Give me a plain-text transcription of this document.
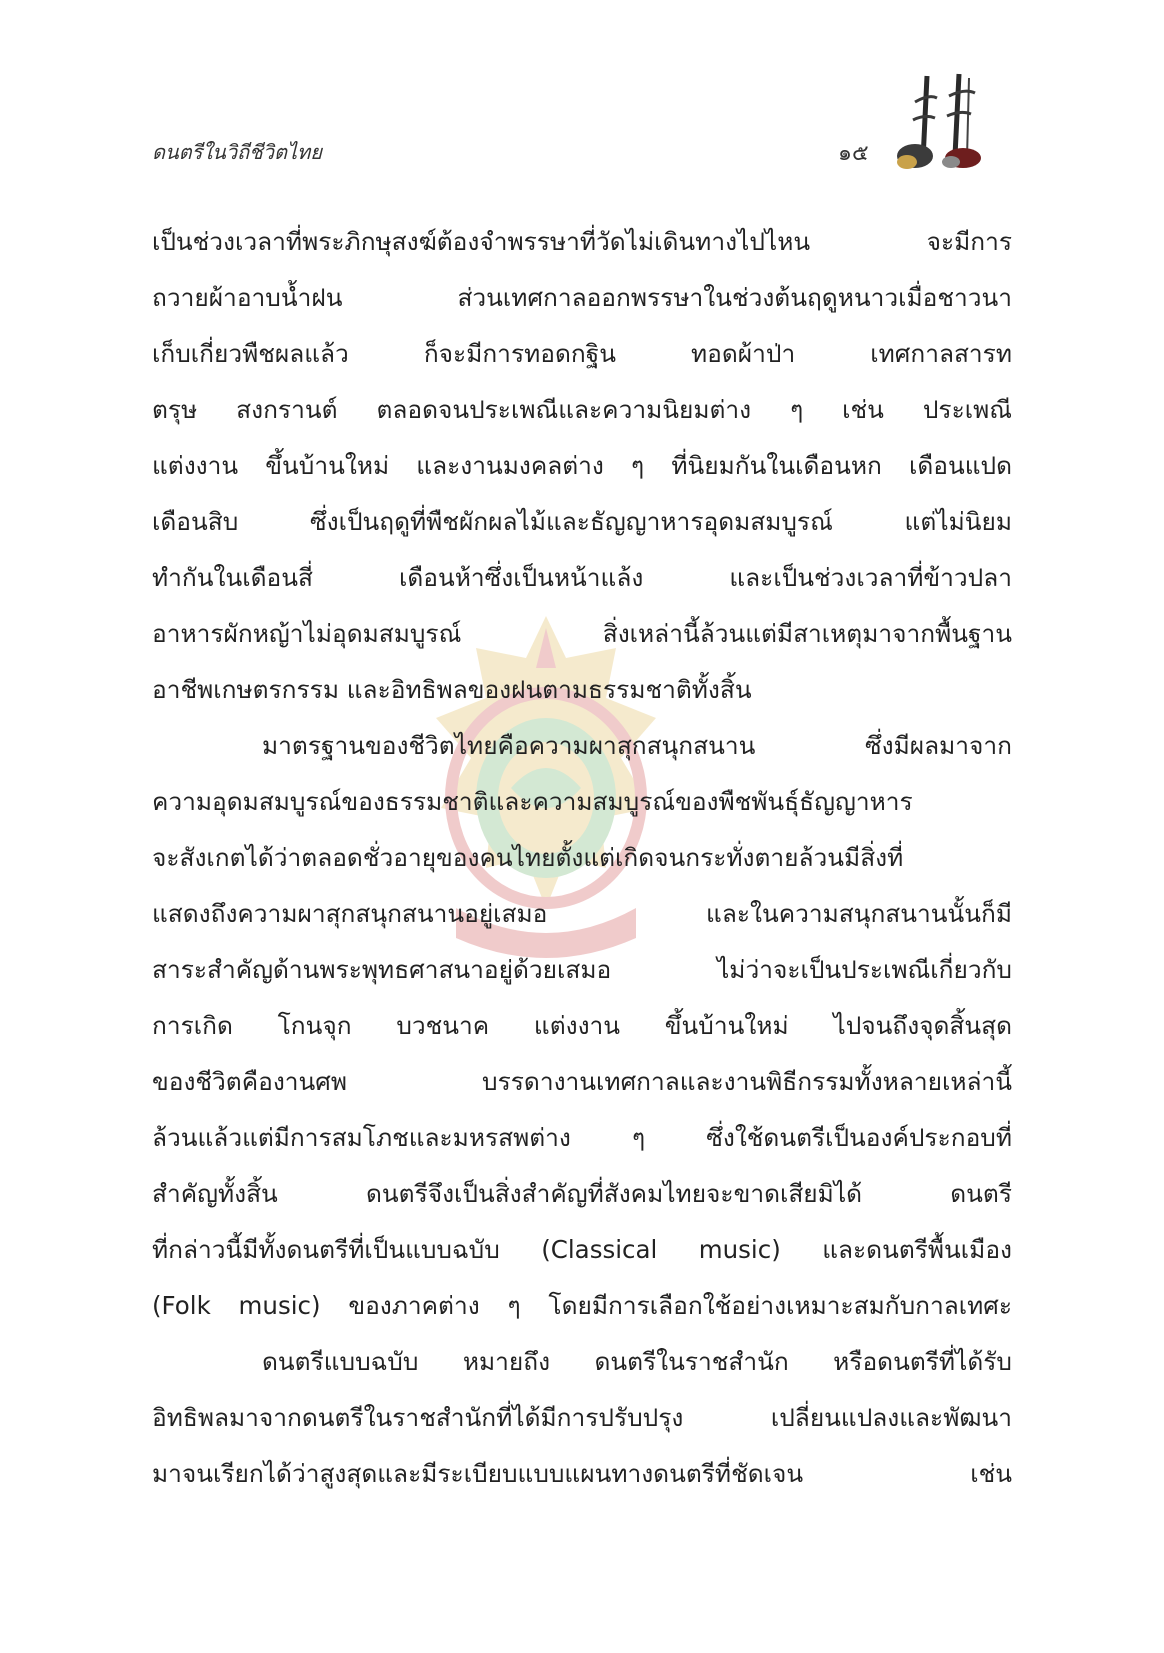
ดนตรีในวิถีชีวิตไทย	๑๕
เป็นช่วงเวลาที่พระภิกษุสงฆ์ต้องจำพรรษาที่วัดไม่เดินทางไปไหน จะมีการ
ถวายผ้าอาบน้ำฝน ส่วนเทศกาลออกพรรษาในช่วงต้นฤดูหนาวเมื่อชาวนา
เก็บเกี่ยวพืชผลแล้ว ก็จะมีการทอดกฐิน ทอดผ้าป่า เทศกาลสารท
ตรุษ สงกรานต์ ตลอดจนประเพณีและความนิยมต่าง ๆ เช่น ประเพณี
แต่งงาน ขึ้นบ้านใหม่ และงานมงคลต่าง ๆ ที่นิยมกันในเดือนหก เดือนแปด
เดือนสิบ ซึ่งเป็นฤดูที่พืชผักผลไม้และธัญญาหารอุดมสมบูรณ์ แต่ไม่นิยม
ทำกันในเดือนสี่ เดือนห้าซึ่งเป็นหน้าแล้ง และเป็นช่วงเวลาที่ข้าวปลา
อาหารผักหญ้าไม่อุดมสมบูรณ์ สิ่งเหล่านี้ล้วนแต่มีสาเหตุมาจากพื้นฐาน
อาชีพเกษตรกรรม และอิทธิพลของฝนตามธรรมชาติทั้งสิ้น
มาตรฐานของชีวิตไทยคือความผาสุกสนุกสนาน ซึ่งมีผลมาจาก
ความอุดมสมบูรณ์ของธรรมชาติและความสมบูรณ์ของพืชพันธุ์ธัญญาหาร
จะสังเกตได้ว่าตลอดชั่วอายุของคนไทยตั้งแต่เกิดจนกระทั่งตายล้วนมีสิ่งที่
แสดงถึงความผาสุกสนุกสนานอยู่เสมอ และในความสนุกสนานนั้นก็มี
สาระสำคัญด้านพระพุทธศาสนาอยู่ด้วยเสมอ ไม่ว่าจะเป็นประเพณีเกี่ยวกับ
การเกิด โกนจุก บวชนาค แต่งงาน ขึ้นบ้านใหม่ ไปจนถึงจุดสิ้นสุด
ของชีวิตคืองานศพ บรรดางานเทศกาลและงานพิธีกรรมทั้งหลายเหล่านี้
ล้วนแล้วแต่มีการสมโภชและมหรสพต่าง ๆ ซึ่งใช้ดนตรีเป็นองค์ประกอบที่
สำคัญทั้งสิ้น ดนตรีจึงเป็นสิ่งสำคัญที่สังคมไทยจะขาดเสียมิได้ ดนตรี
ที่กล่าวนี้มีทั้งดนตรีที่เป็นแบบฉบับ (Classical music) และดนตรีพื้นเมือง
(Folk music) ของภาคต่าง ๆ โดยมีการเลือกใช้อย่างเหมาะสมกับกาลเทศะ
ดนตรีแบบฉบับ หมายถึง ดนตรีในราชสำนัก หรือดนตรีที่ได้รับ
อิทธิพลมาจากดนตรีในราชสำนักที่ได้มีการปรับปรุง เปลี่ยนแปลงและพัฒนา
มาจนเรียกได้ว่าสูงสุดและมีระเบียบแบบแผนทางดนตรีที่ชัดเจน เช่น
